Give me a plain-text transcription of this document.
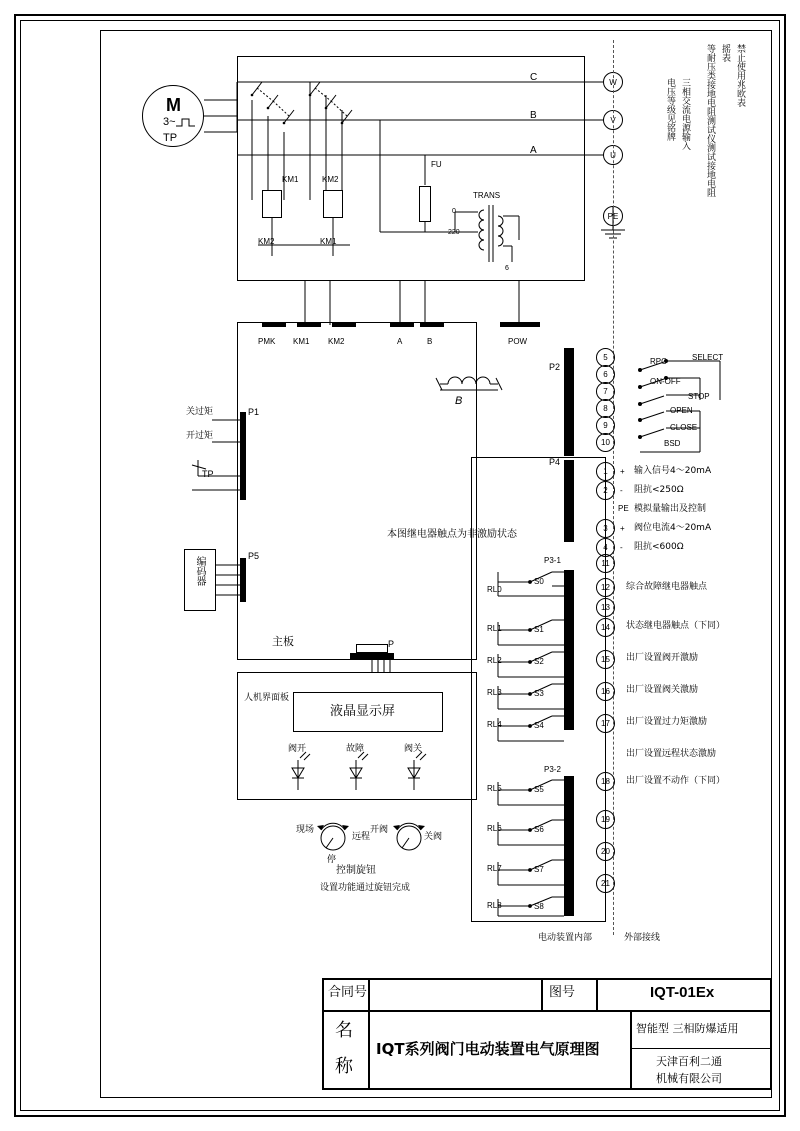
M
3~
TP
KM1	KM2
KM2	KM1
FU
TRANS
0
220
6
C
B
A
W
V
U
PE
禁止使用兆欧表
摇表
等耐压类接地电阻测试仪测试接地电阻
三相交流电源输入
电压等级见铭牌
主板
本图继电器触点为非激励状态
B
PMK KM1 KM2	A	B	POW
P1
关过矩
开过矩
TP
P5
编码器
P
人机界面板
液晶显示屏
阀开	故障	阀关
现场
远程
停
开阀
关阀
控制旋钮
设置功能通过旋钮完成
P2
5
6
7
8
9
10
RPC	SELECT
ON-OFF
STOP
OPEN
CLOSE
BSD
P4
1
2
3
4
+
-
PE
+
-
输入信号4～20mA
阻抗<250Ω
模拟量输出及控制
阀位电流4～20mA
阻抗<600Ω
P3-1	11
12
13
14
15
16
17
综合故障继电器触点
状态继电器触点（下同）
出厂设置阀开激励
出厂设置阀关激励
出厂设置过力矩激励
出厂设置远程状态激励
RL0
RL1
RL2
RL3
RL4
S0
S1
S2
S3
S4
P3-2
18
19
20
21
出厂设置不动作（下同）
RL5
RL6
RL7
RL8
S5
S6
S7
S8
电动装置内部	外部接线
合同号	图号	IQT-01Ex
名
称
IQT系列阀门电动装置电气原理图
智能型 三相防爆适用
天津百利二通
机械有限公司
